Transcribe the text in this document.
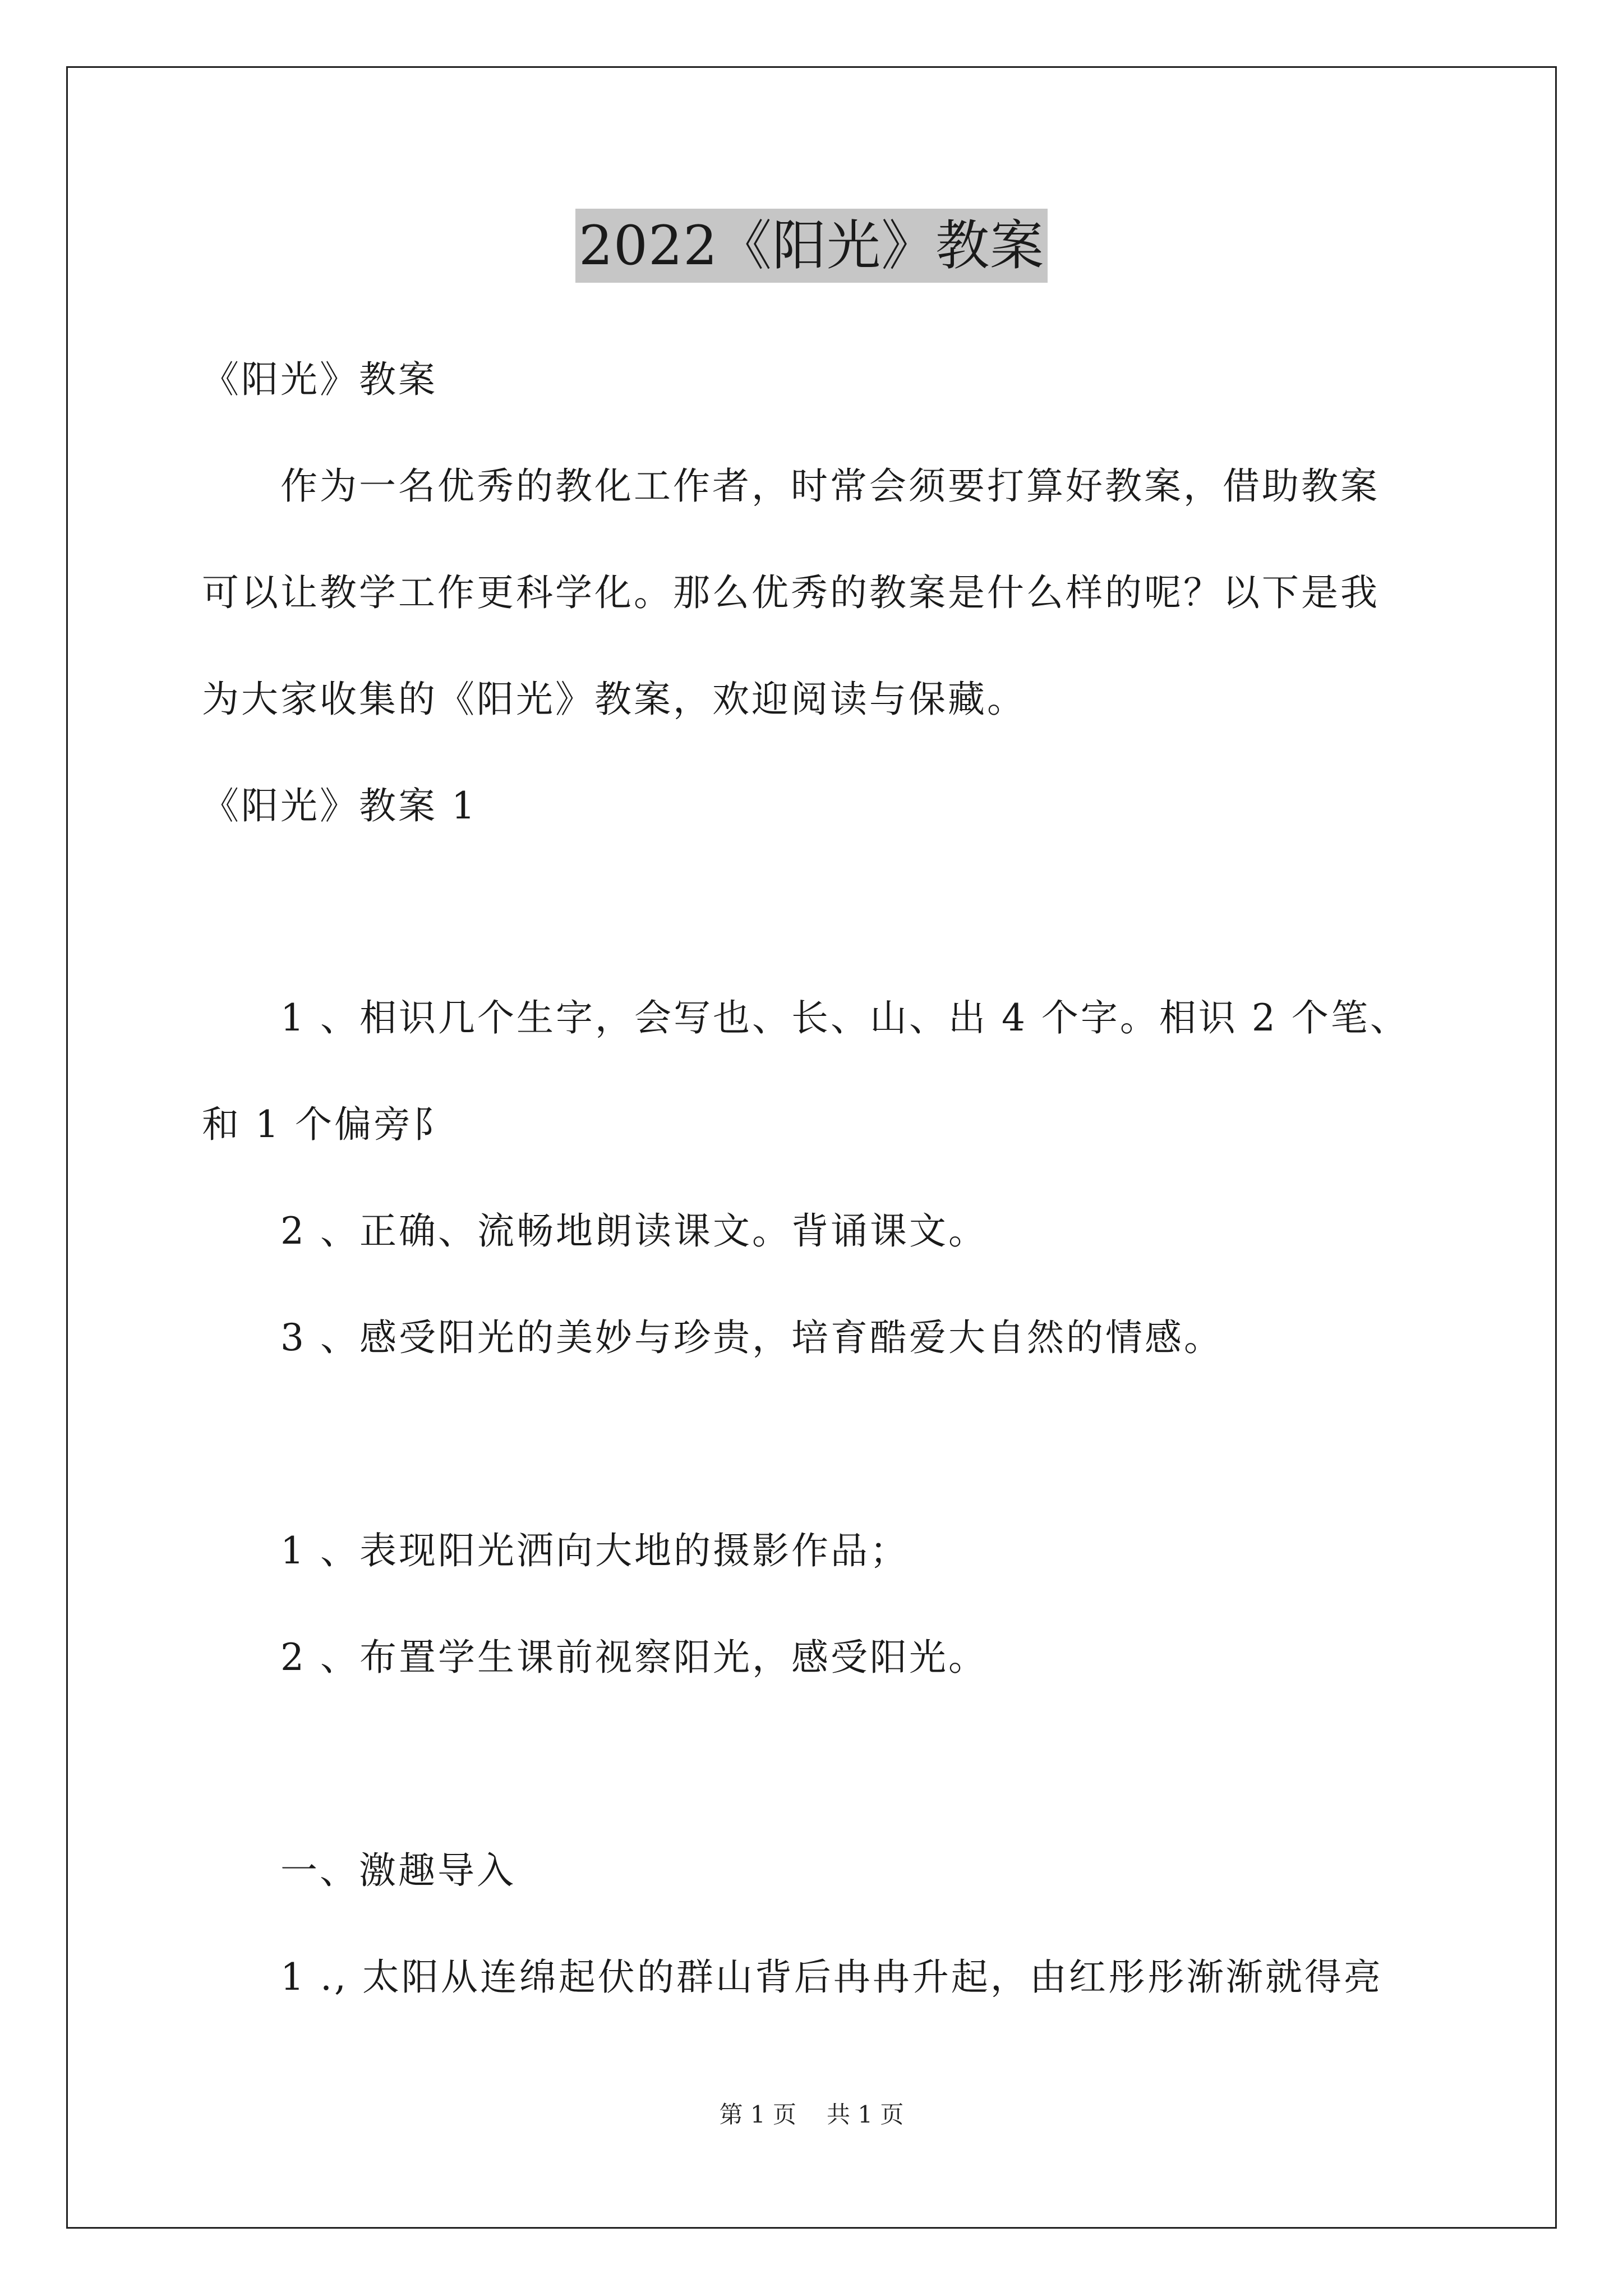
2022《阳光》教案
《阳光》教案
作为一名优秀的教化工作者，时常会须要打算好教案，借助教案
可以让教学工作更科学化。那么优秀的教案是什么样的呢？以下是我
为大家收集的《阳光》教案，欢迎阅读与保藏。
《阳光》教案 1
1 、相识几个生字，会写也、长、山、出 4 个字。相识 2 个笔、
和 1 个偏旁阝
2 、正确、流畅地朗读课文。背诵课文。
3 、感受阳光的美妙与珍贵，培育酷爱大自然的情感。
1 、表现阳光洒向大地的摄影作品；
2 、布置学生课前视察阳光，感受阳光。
一、激趣导入
1 ., 太阳从连绵起伏的群山背后冉冉升起，由红彤彤渐渐就得亮
第 1 页 共 1 页
